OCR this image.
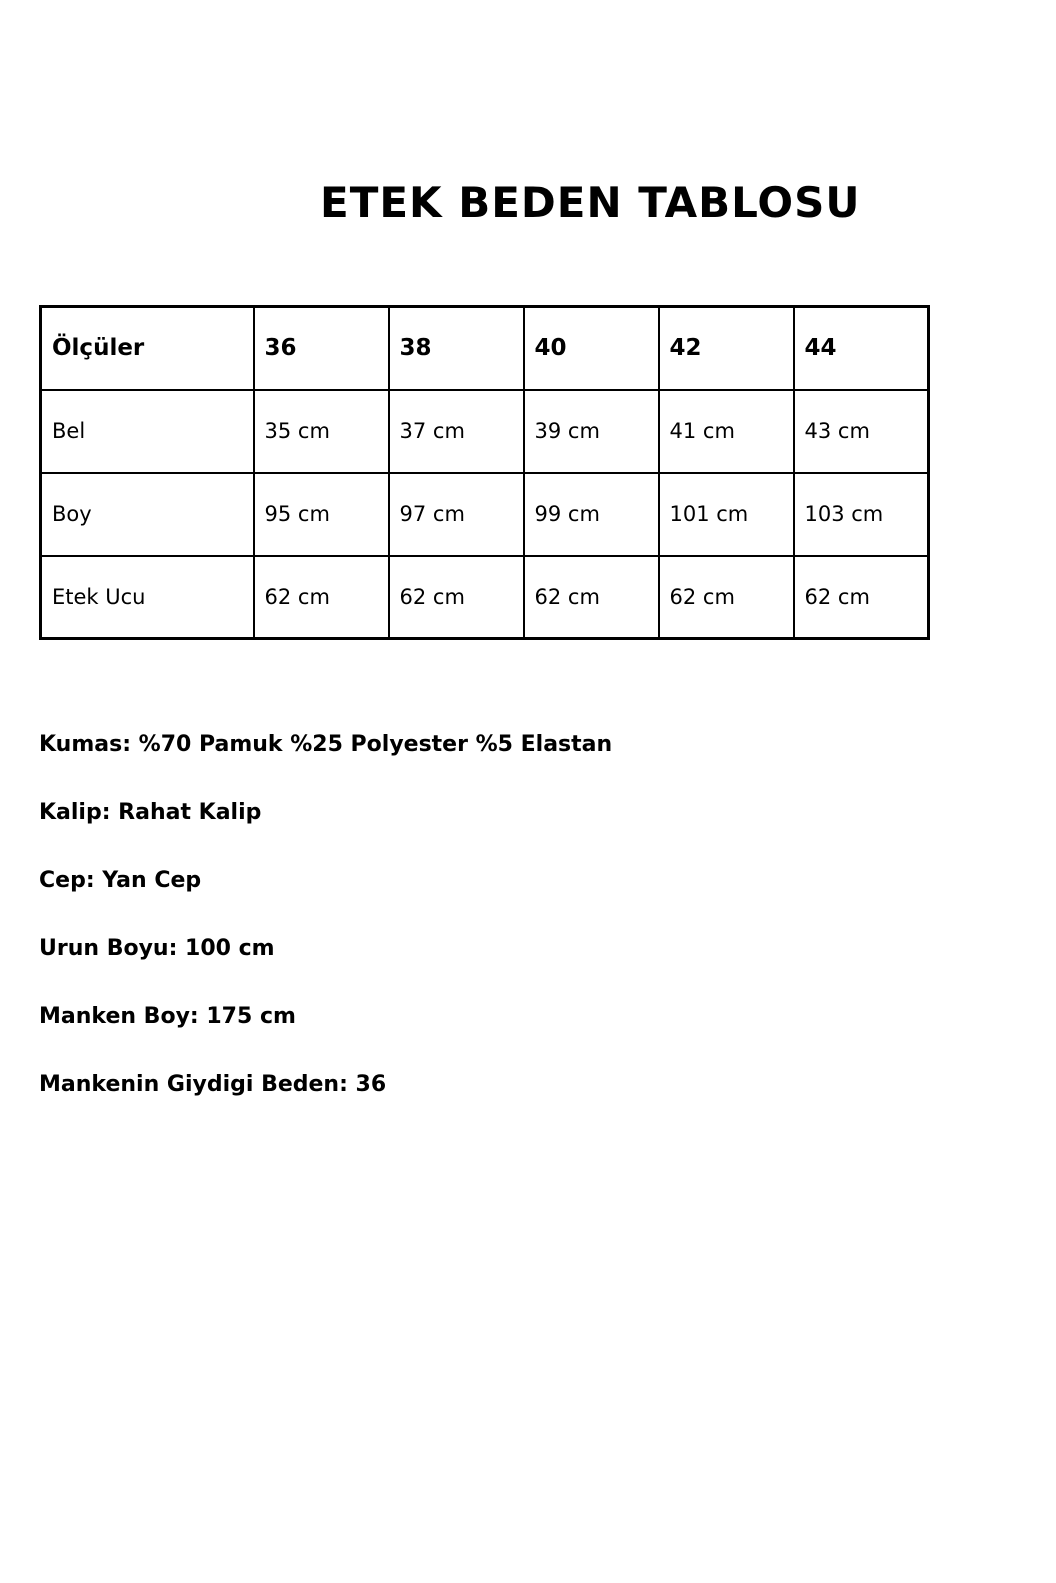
ETEK BEDEN TABLOSU
Ölçüler	36	38	40	42	44
Bel	35 cm	37 cm	39 cm	41 cm	43 cm
Boy	95 cm	97 cm	99 cm	101 cm	103 cm
Etek Ucu	62 cm	62 cm	62 cm	62 cm	62 cm
Kumas: %70 Pamuk %25 Polyester %5 Elastan
Kalip: Rahat Kalip
Cep: Yan Cep
Urun Boyu: 100 cm
Manken Boy: 175 cm
Mankenin Giydigi Beden: 36
